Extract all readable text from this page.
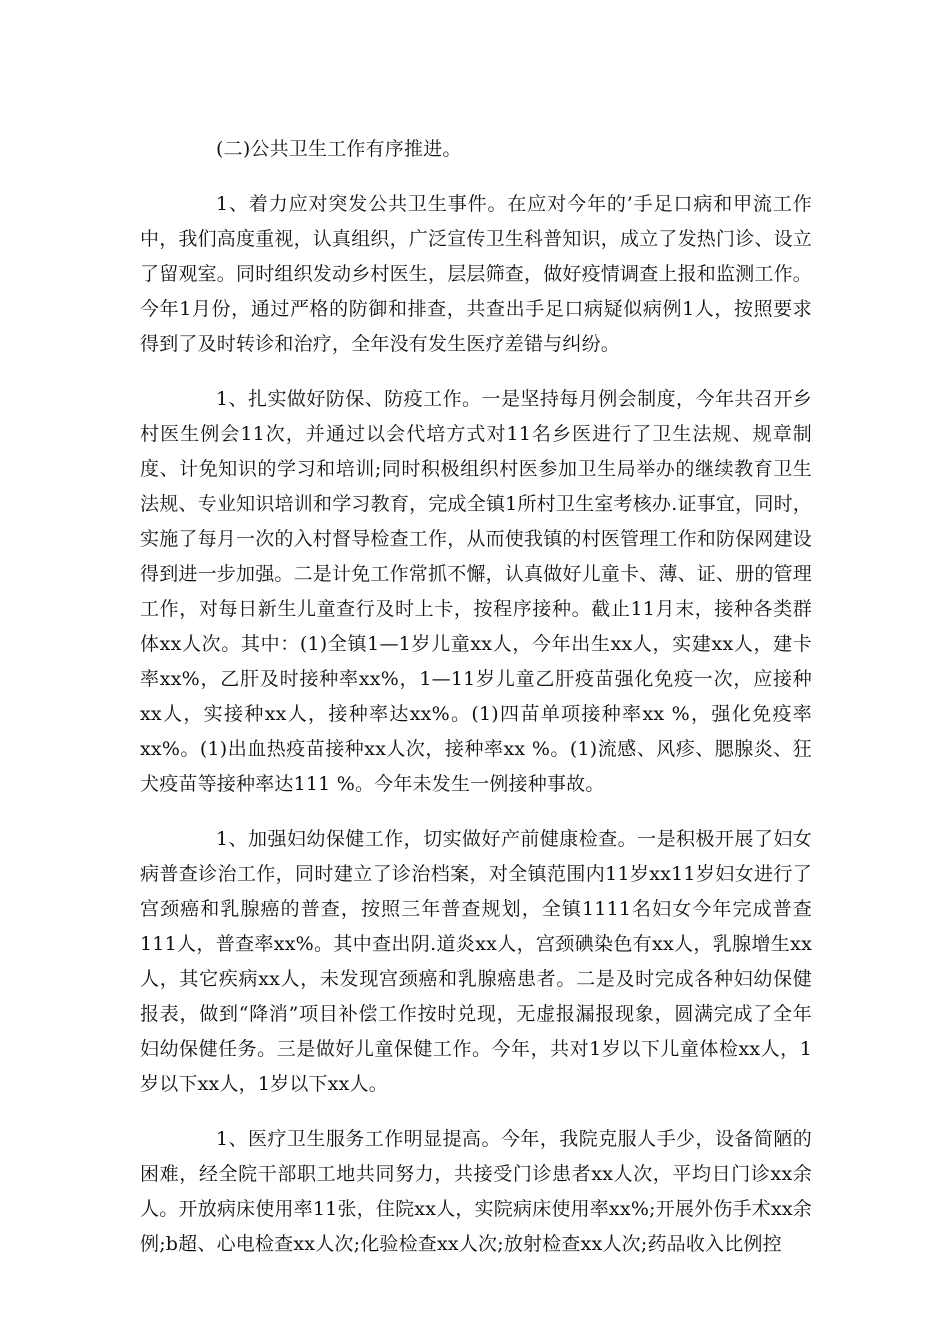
(二)公共卫生工作有序推进。

1、着力应对突发公共卫生事件。在应对今年的’手足口病和甲流工作中，我们高度重视，认真组织，广泛宣传卫生科普知识，成立了发热门诊、设立了留观室。同时组织发动乡村医生，层层筛查，做好疫情调查上报和监测工作。今年1月份，通过严格的防御和排查，共查出手足口病疑似病例1人，按照要求得到了及时转诊和治疗，全年没有发生医疗差错与纠纷。

1、扎实做好防保、防疫工作。一是坚持每月例会制度，今年共召开乡村医生例会11次，并通过以会代培方式对11名乡医进行了卫生法规、规章制度、计免知识的学习和培训;同时积极组织村医参加卫生局举办的继续教育卫生法规、专业知识培训和学习教育，完成全镇1所村卫生室考核办.证事宜，同时，实施了每月一次的入村督导检查工作，从而使我镇的村医管理工作和防保网建设得到进一步加强。二是计免工作常抓不懈，认真做好儿童卡、薄、证、册的管理工作，对每日新生儿童查行及时上卡，按程序接种。截止11月末，接种各类群体xx人次。其中：(1)全镇1—1岁儿童xx人，今年出生xx人，实建xx人，建卡率xx%，乙肝及时接种率xx%，1—11岁儿童乙肝疫苗强化免疫一次，应接种xx人，实接种xx人，接种率达xx%。(1)四苗单项接种率xx %，强化免疫率xx%。(1)出血热疫苗接种xx人次，接种率xx %。(1)流感、风疹、腮腺炎、狂犬疫苗等接种率达111 %。今年未发生一例接种事故。

1、加强妇幼保健工作，切实做好产前健康检查。一是积极开展了妇女病普查诊治工作，同时建立了诊治档案，对全镇范围内11岁xx11岁妇女进行了宫颈癌和乳腺癌的普查，按照三年普查规划，全镇1111名妇女今年完成普查111人，普查率xx%。其中查出阴.道炎xx人，宫颈碘染色有xx人，乳腺增生xx人，其它疾病xx人，未发现宫颈癌和乳腺癌患者。二是及时完成各种妇幼保健报表，做到“降消”项目补偿工作按时兑现，无虚报漏报现象，圆满完成了全年妇幼保健任务。三是做好儿童保健工作。今年，共对1岁以下儿童体检xx人，1岁以下xx人，1岁以下xx人。

1、医疗卫生服务工作明显提高。今年，我院克服人手少，设备简陋的困难，经全院干部职工地共同努力，共接受门诊患者xx人次，平均日门诊xx余人。开放病床使用率11张，住院xx人，实院病床使用率xx%;开展外伤手术xx余例;b超、心电检查xx人次;化验检查xx人次;放射检查xx人次;药品收入比例控
